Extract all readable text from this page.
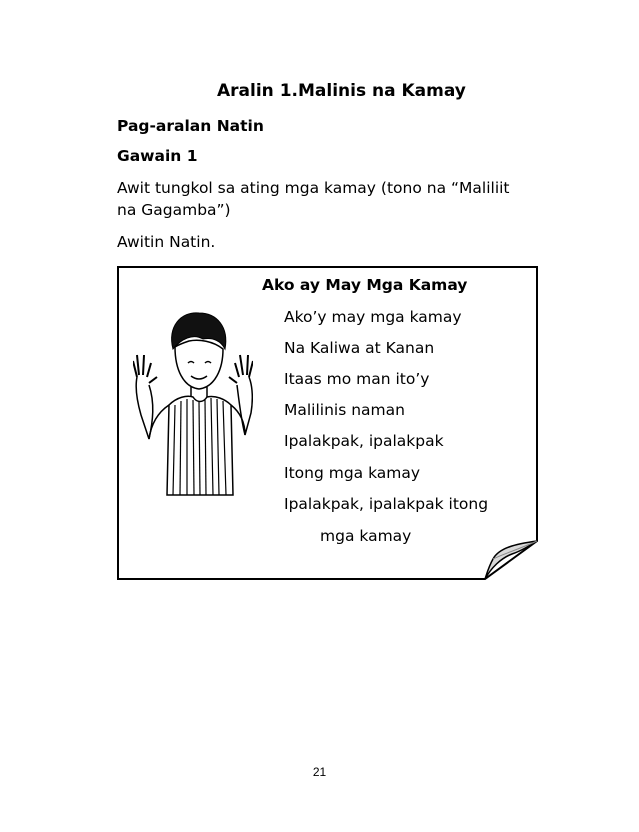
Aralin 1.Malinis na Kamay
Pag-aralan Natin
Gawain 1
Awit tungkol sa ating mga kamay (tono na “Maliliit
na Gagamba”)
Awitin Natin.
Ako ay May Mga Kamay
Ako’y may mga kamay
Na Kaliwa at Kanan
Itaas mo man ito’y
Malilinis naman
Ipalakpak, ipalakpak
Itong mga kamay
Ipalakpak, ipalakpak itong
mga kamay
21
